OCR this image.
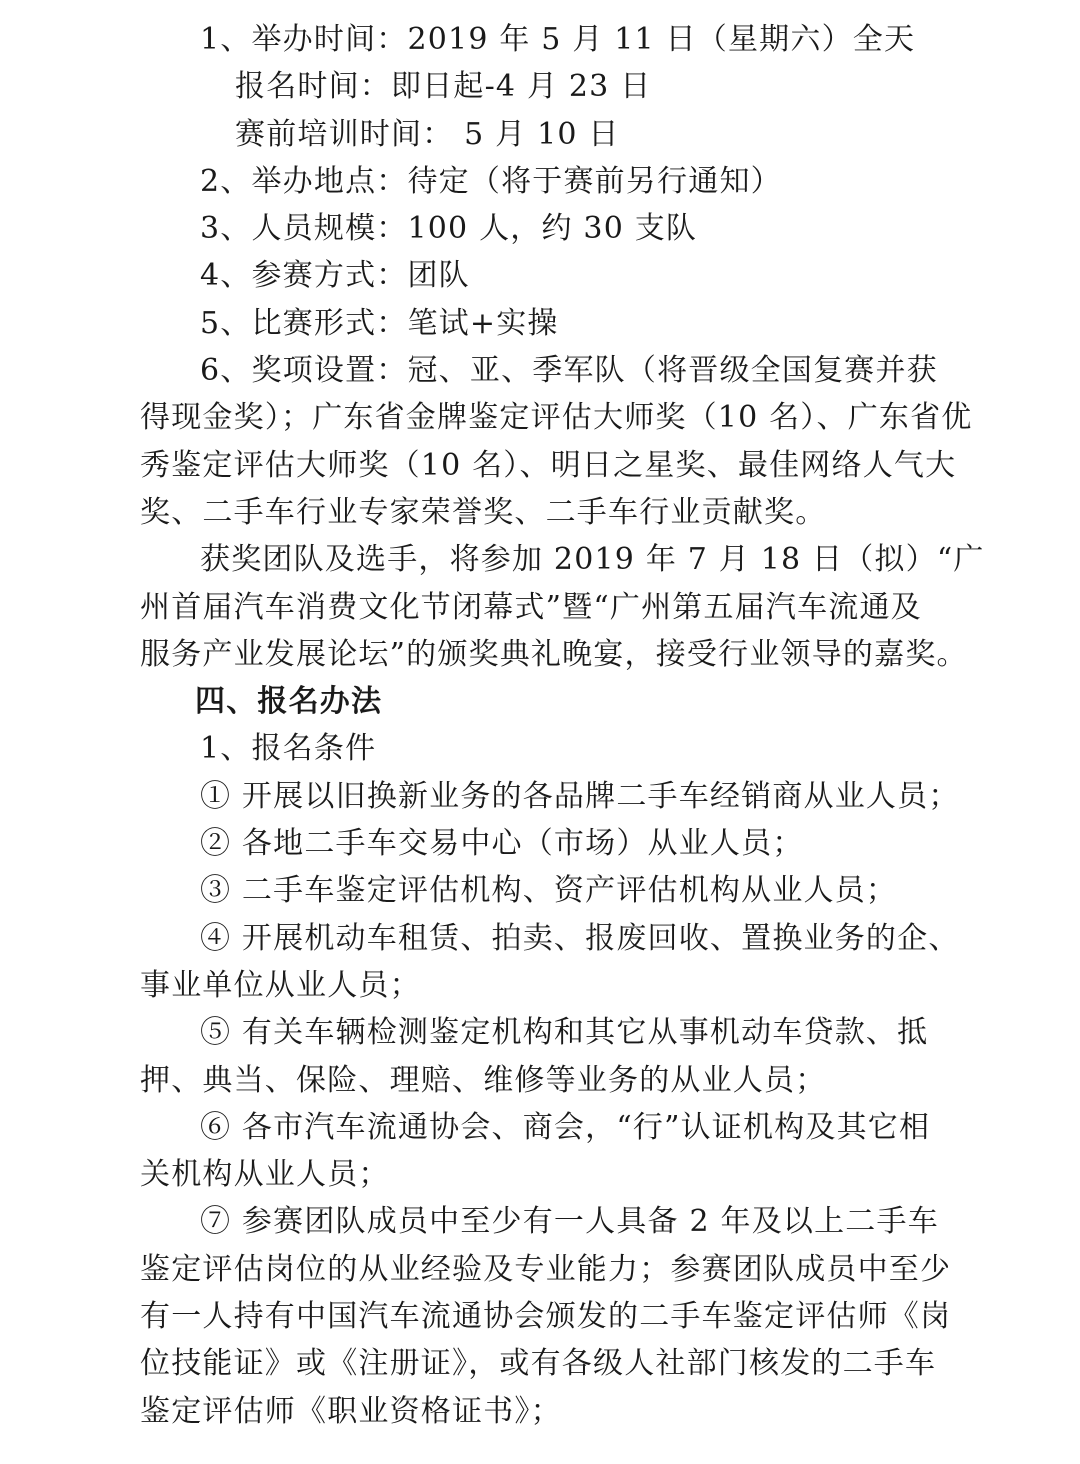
1、举办时间：2019 年 5 月 11 日（星期六）全天
报名时间：即日起-4 月 23 日
赛前培训时间： 5 月 10 日
2、举办地点：待定（将于赛前另行通知）
3、人员规模：100 人，约 30 支队
4、参赛方式：团队
5、比赛形式：笔试+实操
6、奖项设置：冠、亚、季军队（将晋级全国复赛并获
得现金奖）；广东省金牌鉴定评估大师奖（10 名）、广东省优
秀鉴定评估大师奖（10 名）、明日之星奖、最佳网络人气大
奖、二手车行业专家荣誉奖、二手车行业贡献奖。
获奖团队及选手，将参加 2019 年 7 月 18 日（拟）“广
州首届汽车消费文化节闭幕式”暨“广州第五届汽车流通及
服务产业发展论坛”的颁奖典礼晚宴，接受行业领导的嘉奖。
四、报名办法
1、报名条件
① 开展以旧换新业务的各品牌二手车经销商从业人员；
② 各地二手车交易中心（市场）从业人员；
③ 二手车鉴定评估机构、资产评估机构从业人员；
④ 开展机动车租赁、拍卖、报废回收、置换业务的企、
事业单位从业人员；
⑤ 有关车辆检测鉴定机构和其它从事机动车贷款、抵
押、典当、保险、理赔、维修等业务的从业人员；
⑥ 各市汽车流通协会、商会，“行”认证机构及其它相
关机构从业人员；
⑦ 参赛团队成员中至少有一人具备 2 年及以上二手车
鉴定评估岗位的从业经验及专业能力；参赛团队成员中至少
有一人持有中国汽车流通协会颁发的二手车鉴定评估师《岗
位技能证》或《注册证》，或有各级人社部门核发的二手车
鉴定评估师《职业资格证书》；
